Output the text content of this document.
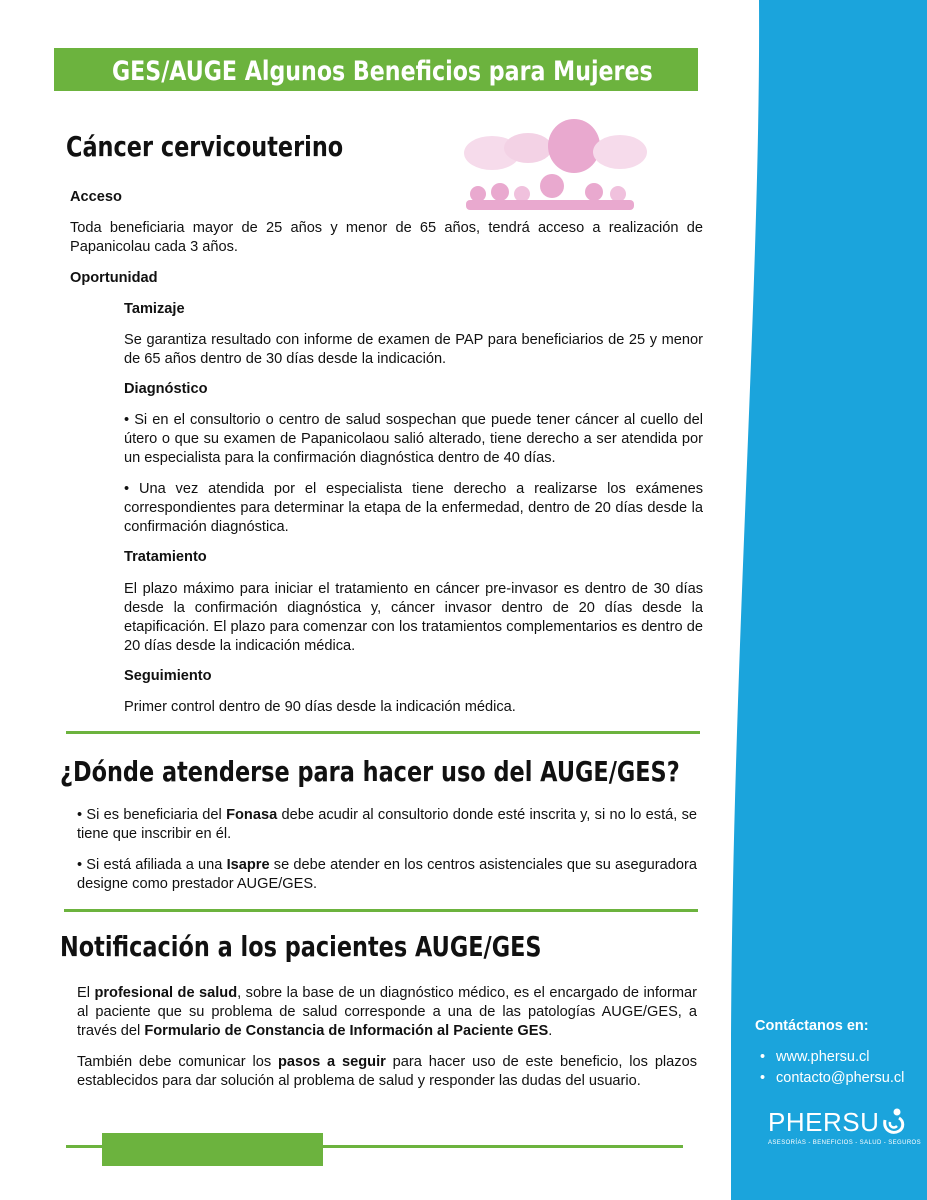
GES/AUGE Algunos Beneficios para Mujeres
Cáncer cervicouterino
Acceso

Toda beneficiaria mayor de 25 años y menor de 65 años, tendrá acceso a realización de Papanicolau cada 3 años.

Oportunidad
Tamizaje

Se garantiza resultado con informe de examen de PAP para beneficiarios de 25 y menor de 65 años dentro de 30 días desde la indicación.

Diagnóstico

• Si en el consultorio o centro de salud sospechan que puede tener cáncer al cuello del útero o que su examen de Papanicolaou salió alterado, tiene derecho a ser atendida por un especialista para la confirmación diagnóstica dentro de 40 días.

• Una vez atendida por el especialista tiene derecho a realizarse los exámenes correspondientes para determinar la etapa de la enfermedad, dentro de 20 días desde la confirmación diagnóstica.

Tratamiento

El plazo máximo para iniciar el tratamiento en cáncer pre-invasor es dentro de 30 días desde la confirmación diagnóstica y, cáncer invasor dentro de 20 días desde la etapificación. El plazo para comenzar con los tratamientos complementarios es dentro de 20 días desde la indicación médica.

Seguimiento

Primer control dentro de 90 días desde la indicación médica.

¿Dónde atenderse para hacer uso del AUGE/GES?

• Si es beneficiaria del Fonasa debe acudir al consultorio donde esté inscrita y, si no lo está, se tiene que inscribir en él.

• Si está afiliada a una Isapre se debe atender en los centros asistenciales que su aseguradora designe como prestador AUGE/GES.

Notificación a los pacientes AUGE/GES

El profesional de salud, sobre la base de un diagnóstico médico, es el encargado de informar al paciente que su problema de salud corresponde a una de las patologías AUGE/GES, a través del Formulario de Constancia de Información al Paciente GES.

También debe comunicar los pasos a seguir para hacer uso de este beneficio, los plazos establecidos para dar solución al problema de salud y responder las dudas del usuario.

Contáctanos en:
• www.phersu.cl
• contacto@phersu.cl
PHERSU
ASESORÍAS - BENEFICIOS - SALUD - SEGUROS
